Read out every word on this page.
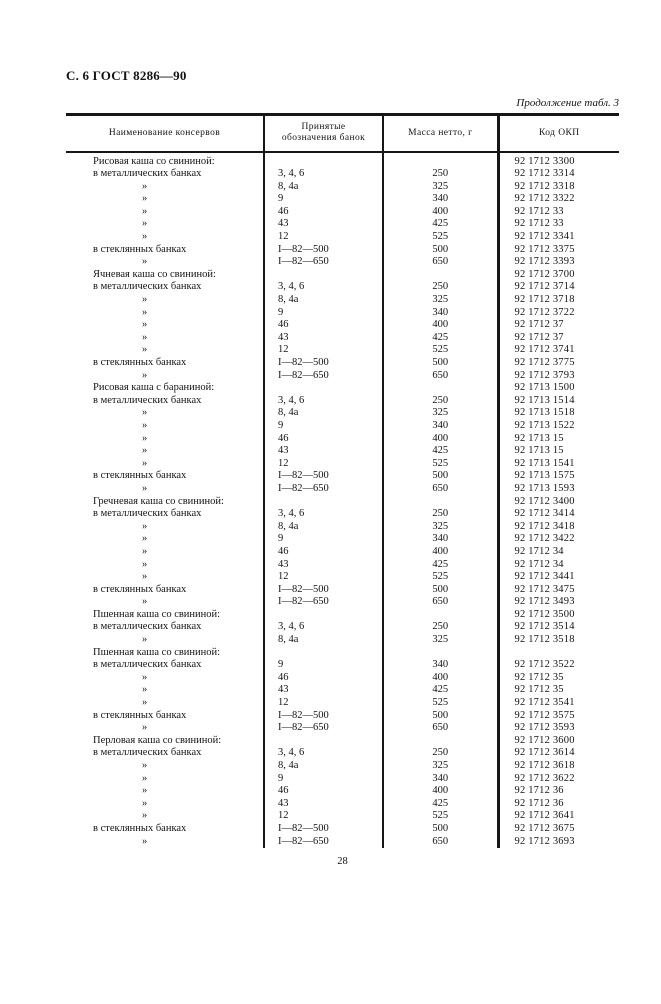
С. 6 ГОСТ 8286—90
Продолжение табл. 3
Наименование консервов	Принятые обозначения банок	Масса нетто, г	Код ОКП
Рисовая каша со свининой:			92 1712 3300
в металлических банках	3, 4, 6	250	92 1712 3314
»	8, 4а	325	92 1712 3318
»	9	340	92 1712 3322
»	46	400	92 1712 33
»	43	425	92 1712 33
»	12	525	92 1712 3341
в стеклянных банках	I—82—500	500	92 1712 3375
»	I—82—650	650	92 1712 3393
Ячневая каша со свининой:			92 1712 3700
в металлических банках	3, 4, 6	250	92 1712 3714
»	8, 4а	325	92 1712 3718
»	9	340	92 1712 3722
»	46	400	92 1712 37
»	43	425	92 1712 37
»	12	525	92 1712 3741
в стеклянных банках	I—82—500	500	92 1712 3775
»	I—82—650	650	92 1712 3793
Рисовая каша с бараниной:			92 1713 1500
в металлических банках	3, 4, 6	250	92 1713 1514
»	8, 4а	325	92 1713 1518
»	9	340	92 1713 1522
»	46	400	92 1713 15
»	43	425	92 1713 15
»	12	525	92 1713 1541
в стеклянных банках	I—82—500	500	92 1713 1575
»	I—82—650	650	92 1713 1593
Гречневая каша со свининой:			92 1712 3400
в металлических банках	3, 4, 6	250	92 1712 3414
»	8, 4а	325	92 1712 3418
»	9	340	92 1712 3422
»	46	400	92 1712 34
»	43	425	92 1712 34
»	12	525	92 1712 3441
в стеклянных банках	I—82—500	500	92 1712 3475
»	I—82—650	650	92 1712 3493
Пшенная каша со свининой:			92 1712 3500
в металлических банках	3, 4, 6	250	92 1712 3514
»	8, 4а	325	92 1712 3518
Пшенная каша со свининой:			
в металлических банках	9	340	92 1712 3522
»	46	400	92 1712 35
»	43	425	92 1712 35
»	12	525	92 1712 3541
в стеклянных банках	I—82—500	500	92 1712 3575
»	I—82—650	650	92 1712 3593
Перловая каша со свининой:			92 1712 3600
в металлических банках	3, 4, 6	250	92 1712 3614
»	8, 4а	325	92 1712 3618
»	9	340	92 1712 3622
»	46	400	92 1712 36
»	43	425	92 1712 36
»	12	525	92 1712 3641
в стеклянных банках	I—82—500	500	92 1712 3675
»	I—82—650	650	92 1712 3693
28
